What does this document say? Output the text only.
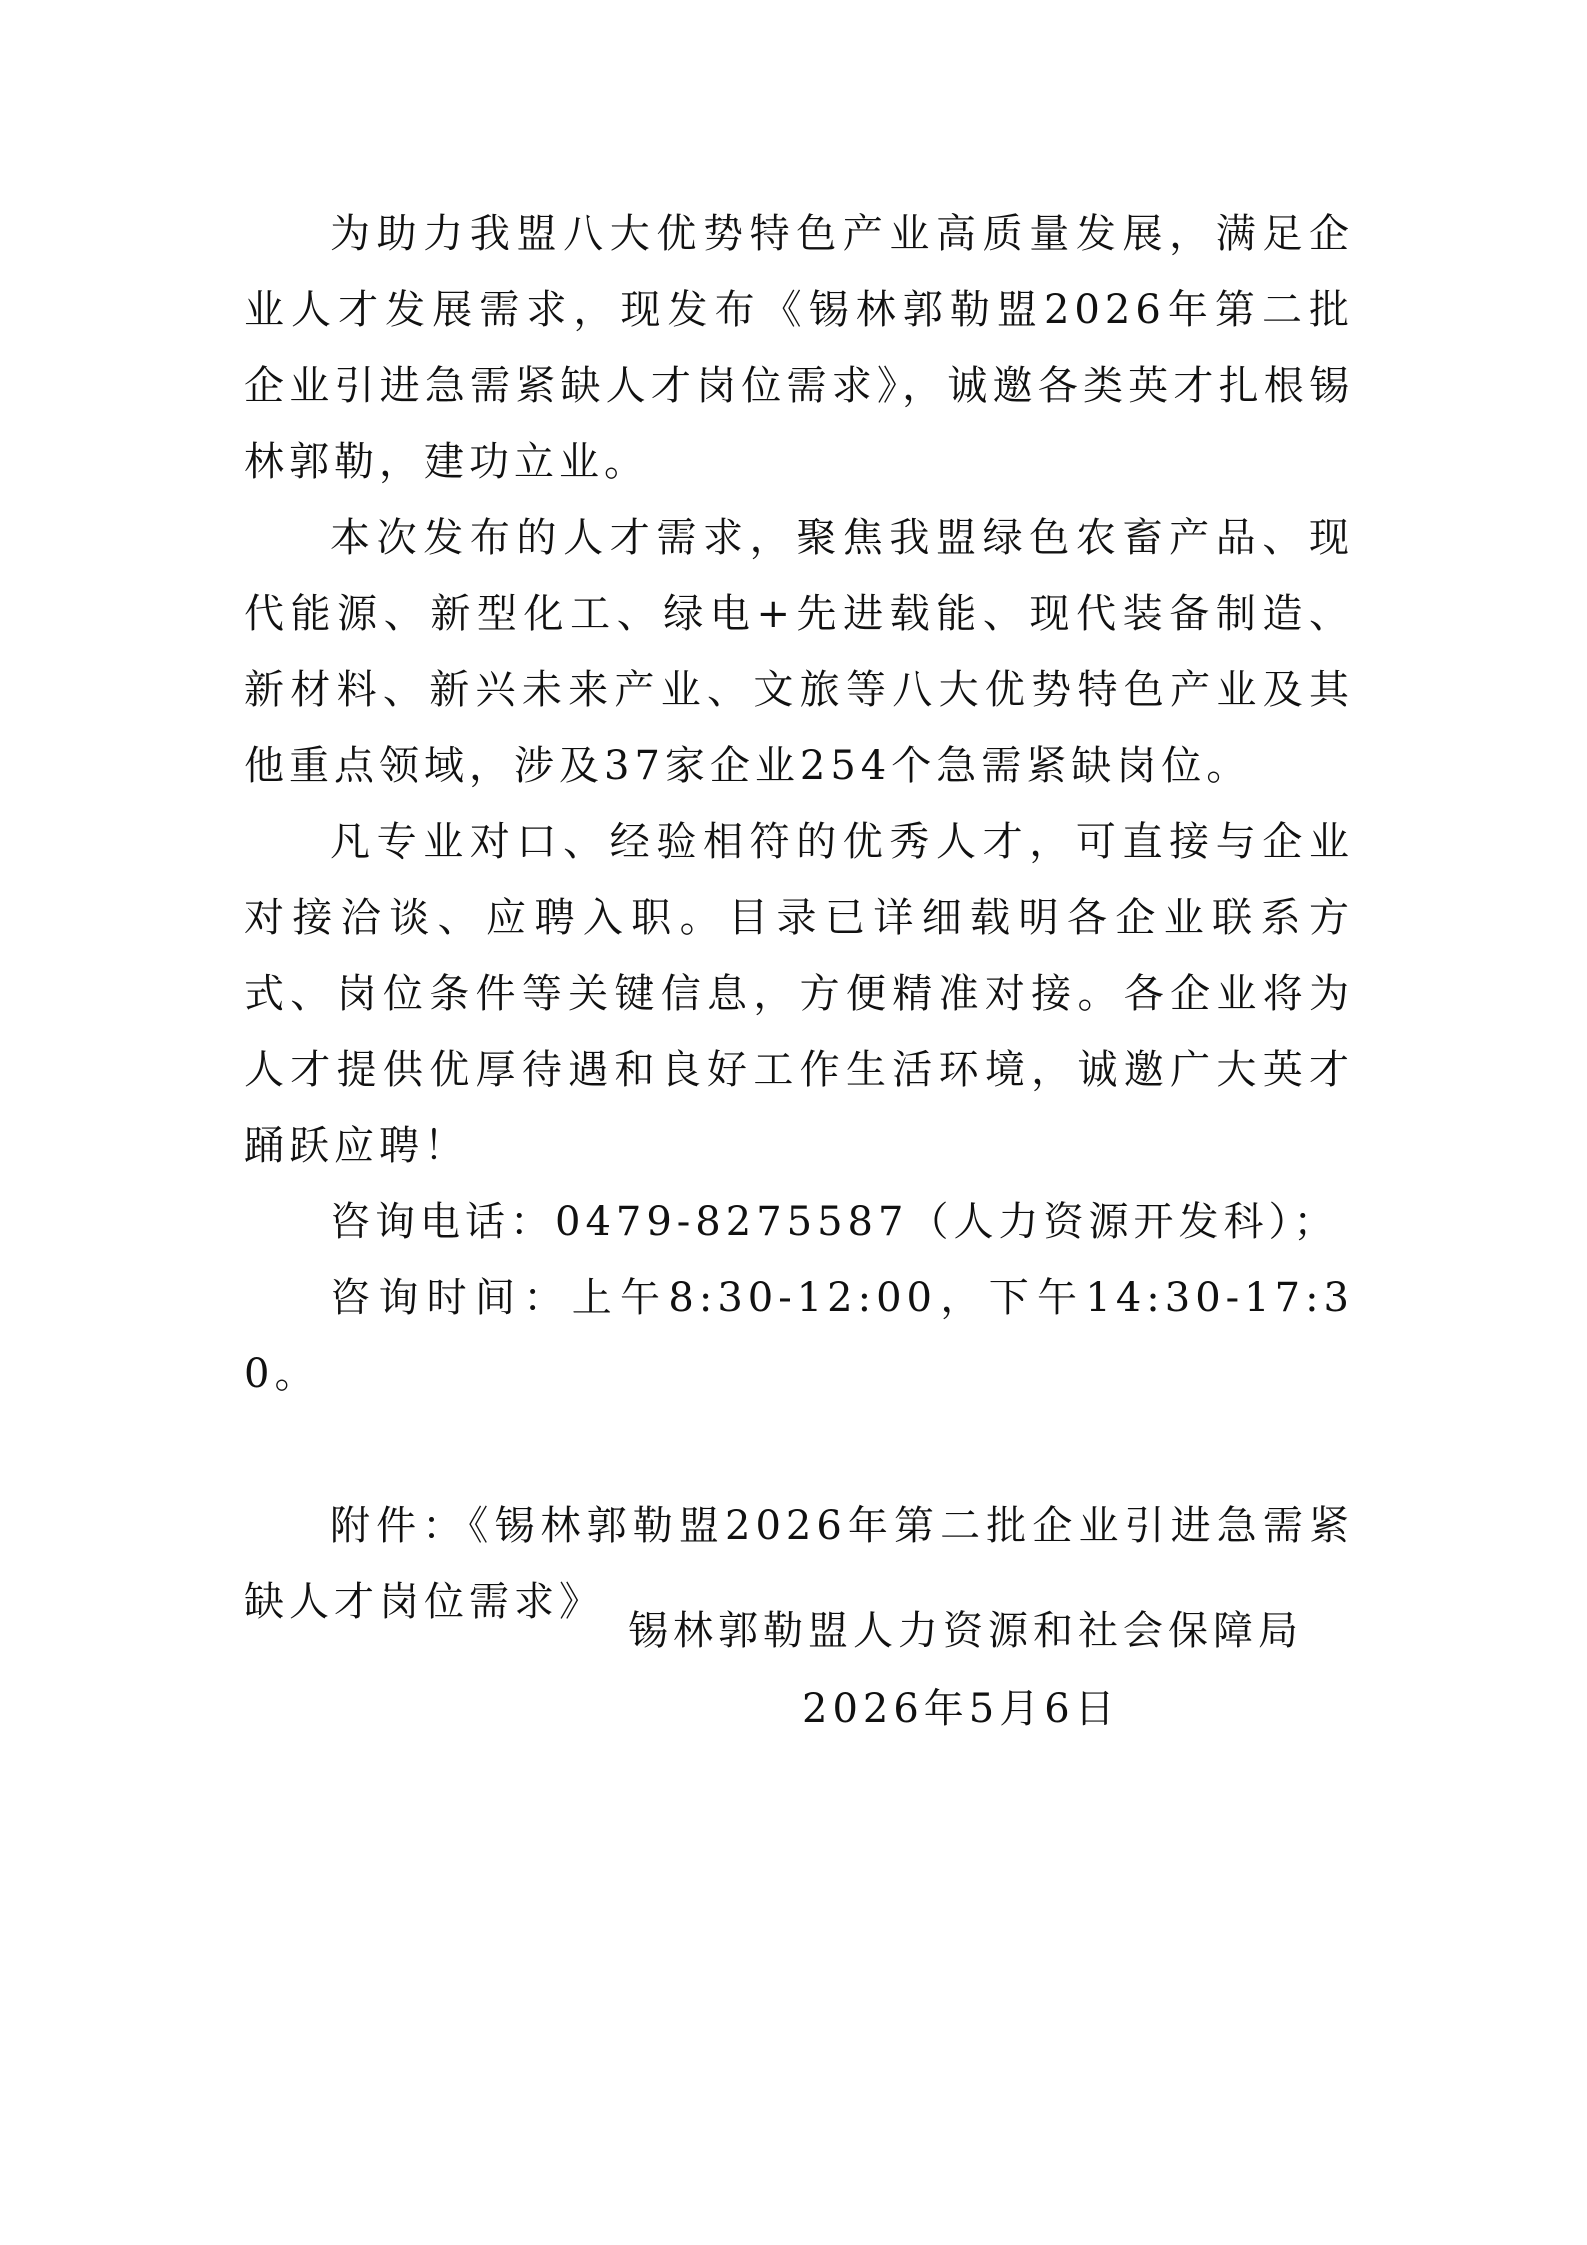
为助力我盟八大优势特色产业高质量发展，满足企业人才发展需求，现发布《锡林郭勒盟2026年第二批企业引进急需紧缺人才岗位需求》，诚邀各类英才扎根锡林郭勒，建功立业。

本次发布的人才需求，聚焦我盟绿色农畜产品、现代能源、新型化工、绿电+先进载能、现代装备制造、新材料、新兴未来产业、文旅等八大优势特色产业及其他重点领域，涉及37家企业254个急需紧缺岗位。

凡专业对口、经验相符的优秀人才，可直接与企业对接洽谈、应聘入职。目录已详细载明各企业联系方式、岗位条件等关键信息，方便精准对接。各企业将为人才提供优厚待遇和良好工作生活环境，诚邀广大英才踊跃应聘！

咨询电话：0479-8275587（人力资源开发科）；

咨询时间：上午8:30-12:00，下午14:30-17:30。

附件：《锡林郭勒盟2026年第二批企业引进急需紧缺人才岗位需求》

锡林郭勒盟人力资源和社会保障局

2026年5月6日
